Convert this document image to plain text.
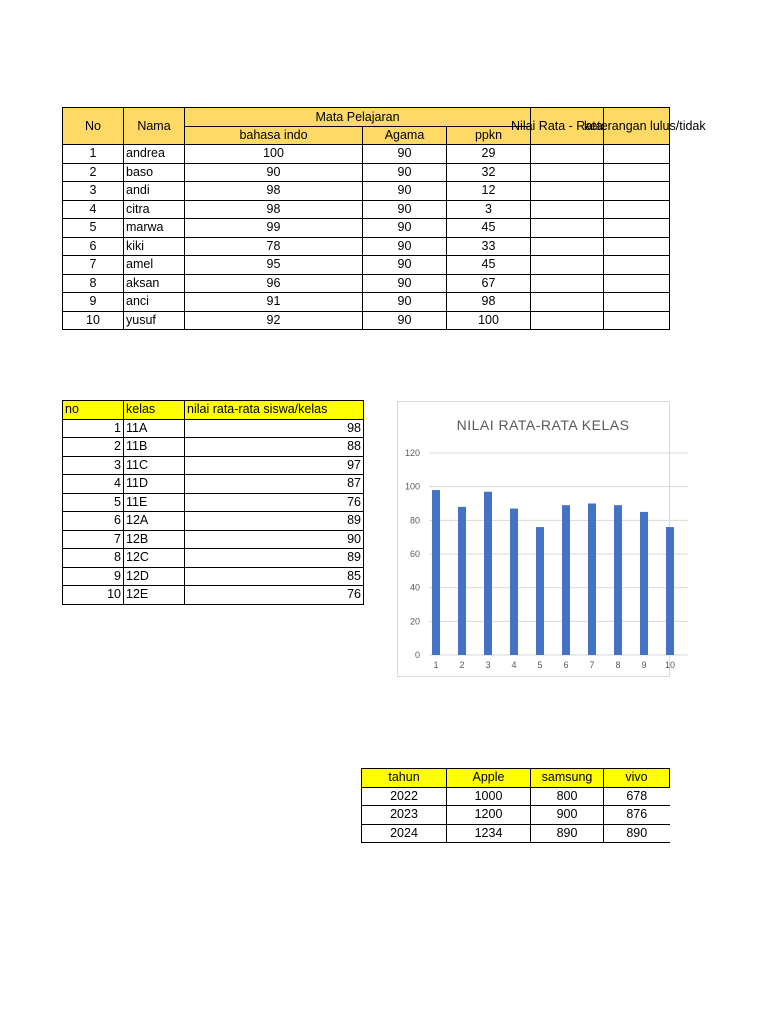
No	Nama	Mata Pelajaran			Nilai Rata - Rata	keterangan lulus/tidak

		bahasa indo	Agama	ppkn		
1	andrea	100	90	29		
2	baso	90	90	32		
3	andi	98	90	12		
4	citra	98	90	3		
5	marwa	99	90	45		
6	kiki	78	90	33		
7	amel	95	90	45		
8	aksan	96	90	67		
9	anci	91	90	98		
10	yusuf	92	90	100		
no	kelas	nilai rata-rata siswa/kelas
1	11A	98
2	11B	88
3	11C	97
4	11D	87
5	11E	76
6	12A	89
7	12B	90
8	12C	89
9	12D	85
10	12E	76
NILAI RATA-RATA KELAS
0
20
40
60
80
100
120
1 2 3 4 5 6 7 8 9 10
tahun	Apple	samsung	vivo
2022	1000	800	678
2023	1200	900	876
2024	1234	890	890
